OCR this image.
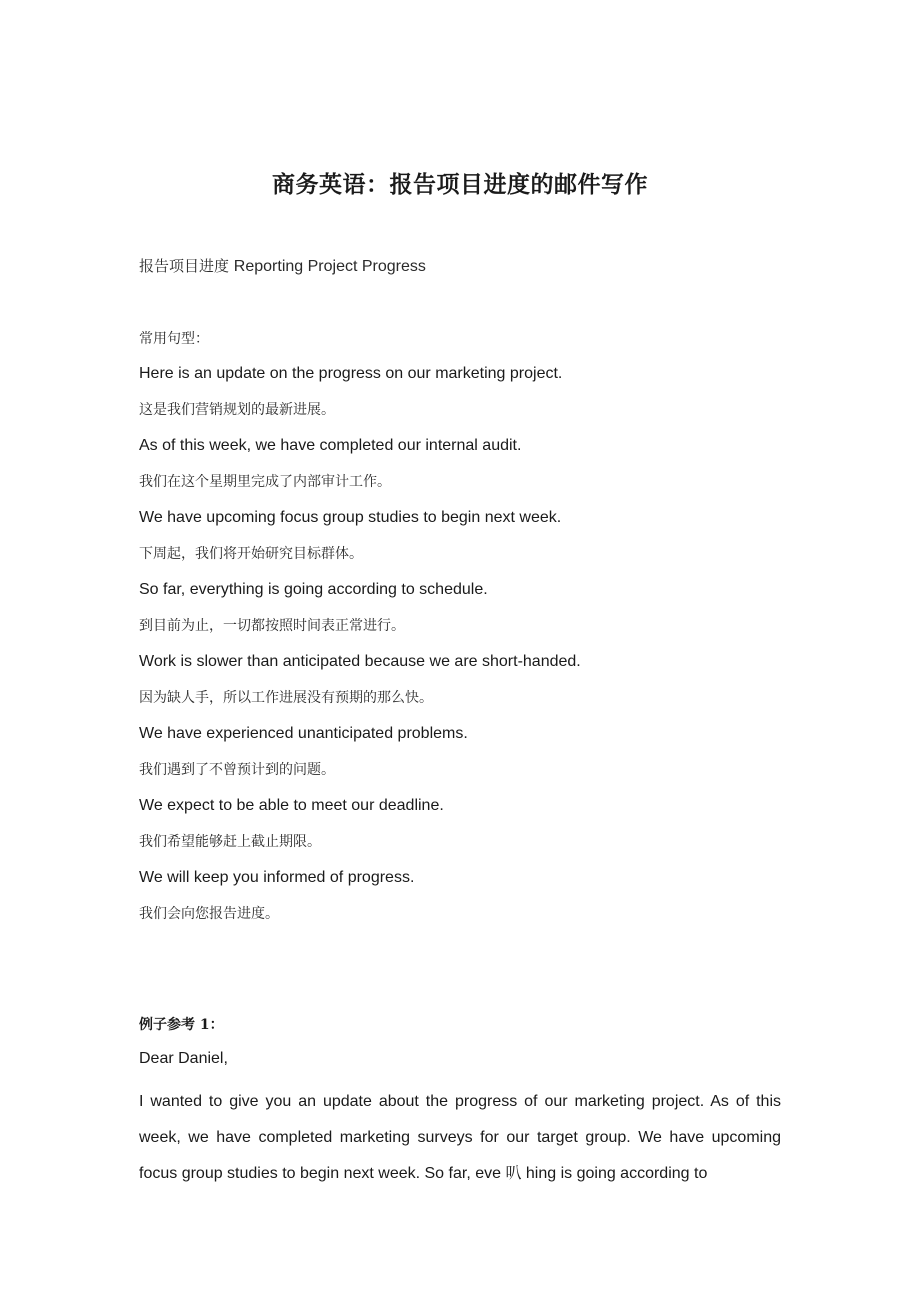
商务英语：报告项目进度的邮件写作
报告项目进度 Reporting Project Progress
常用句型：
Here is an update on the progress on our marketing project.
这是我们营销规划的最新进展。
As of this week, we have completed our internal audit.
我们在这个星期里完成了内部审计工作。
We have upcoming focus group studies to begin next week.
下周起，我们将开始研究目标群体。
So far, everything is going according to schedule.
到目前为止，一切都按照时间表正常进行。
Work is slower than anticipated because we are short-handed.
因为缺人手，所以工作进展没有预期的那么快。
We have experienced unanticipated problems.
我们遇到了不曾预计到的问题。
We expect to be able to meet our deadline.
我们希望能够赶上截止期限。
We will keep you informed of progress.
我们会向您报告进度。
例子参考 1：
Dear Daniel,

I wanted to give you an update about the progress of our marketing project. As of this week, we have completed marketing surveys for our target group. We have upcoming focus group studies to begin next week. So far, eve 叭 hing is going according to
